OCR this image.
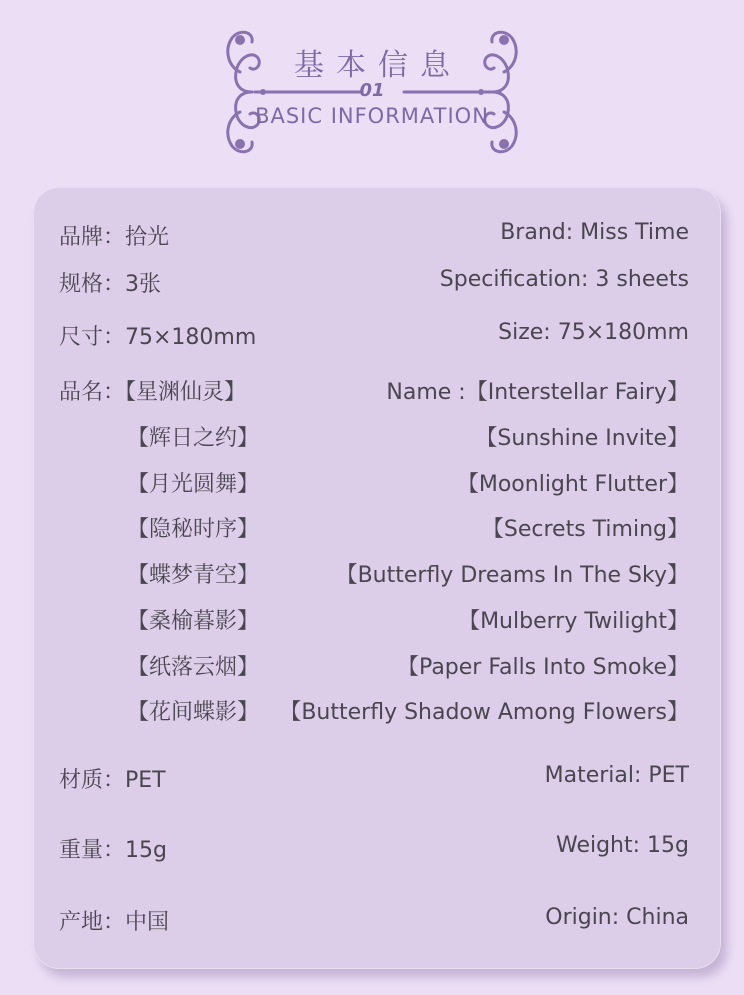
基本信息
01
BASIC INFORMATION
品牌：拾光	Brand: Miss Time
规格：3张	Specification: 3 sheets
尺寸：75×180mm	Size: 75×180mm
品名：【星渊仙灵】	Name :【Interstellar Fairy】
【辉日之约】	【Sunshine Invite】
【月光圆舞】	【Moonlight Flutter】
【隐秘时序】	【Secrets Timing】
【蝶梦青空】	【Butterfly Dreams In The Sky】
【桑榆暮影】	【Mulberry Twilight】
【纸落云烟】	【Paper Falls Into Smoke】
【花间蝶影】 【Butterfly Shadow Among Flowers】
材质：PET	Material: PET
重量：15g	Weight: 15g
产地：中国	Origin: China
